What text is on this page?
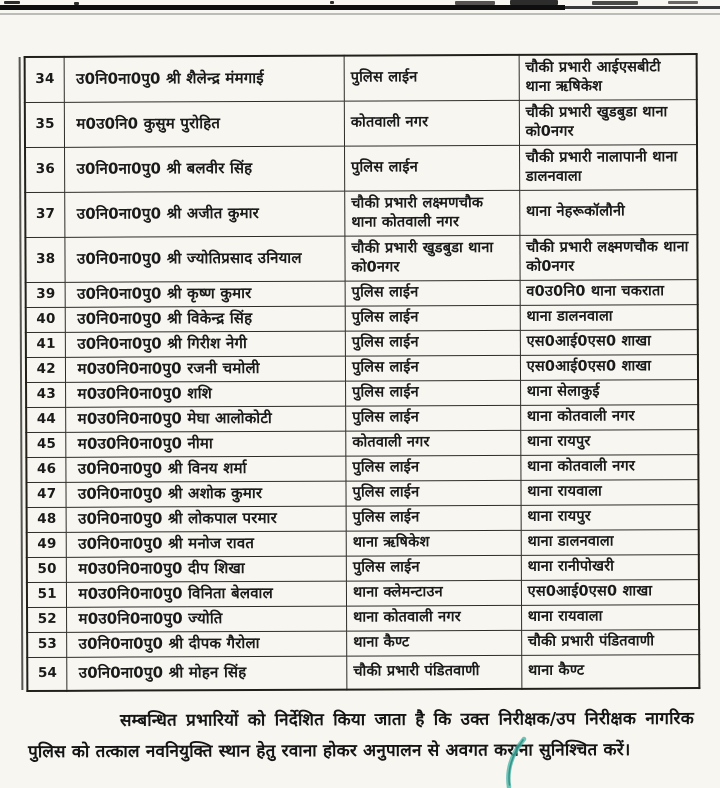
34	उ0नि0ना0पु0 श्री शैलेन्द्र मंमगाई	पुलिस लाईन	चौकी प्रभारी आईएसबीटी थाना ऋषिकेश
35	म0उ0नि0 कुसुम पुरोहित	कोतवाली नगर	चौकी प्रभारी खुडबुडा थाना को0नगर
36	उ0नि0ना0पु0 श्री बलवीर सिंह	पुलिस लाईन	चौकी प्रभारी नालापानी थाना डालनवाला
37	उ0नि0ना0पु0 श्री अजीत कुमार	चौकी प्रभारी लक्ष्मणचौक थाना कोतवाली नगर	थाना नेहरूकॉलौनी
38	उ0नि0ना0पु0 श्री ज्योतिप्रसाद उनियाल	चौकी प्रभारी खुडबुडा थाना को0नगर	चौकी प्रभारी लक्ष्मणचौक थाना को0नगर
39	उ0नि0ना0पु0 श्री कृष्ण कुमार	पुलिस लाईन	व0उ0नि0 थाना चकराता
40	उ0नि0ना0पु0 श्री विकेन्द्र सिंह	पुलिस लाईन	थाना डालनवाला
41	उ0नि0ना0पु0 श्री गिरीश नेगी	पुलिस लाईन	एस0आई0एस0 शाखा
42	म0उ0नि0ना0पु0 रजनी चमोली	पुलिस लाईन	एस0आई0एस0 शाखा
43	म0उ0नि0ना0पु0 शशि	पुलिस लाईन	थाना सेलाकुई
44	म0उ0नि0ना0पु0 मेघा आलोकोटी	पुलिस लाईन	थाना कोतवाली नगर
45	म0उ0नि0ना0पु0 नीमा	कोतवाली नगर	थाना रायपुर
46	उ0नि0ना0पु0 श्री विनय शर्मा	पुलिस लाईन	थाना कोतवाली नगर
47	उ0नि0ना0पु0 श्री अशोक कुमार	पुलिस लाईन	थाना रायवाला
48	उ0नि0ना0पु0 श्री लोकपाल परमार	पुलिस लाईन	थाना रायपुर
49	उ0नि0ना0पु0 श्री मनोज रावत	थाना ऋषिकेश	थाना डालनवाला
50	म0उ0नि0ना0पु0 दीप शिखा	पुलिस लाईन	थाना रानीपोखरी
51	म0उ0नि0ना0पु0 विनिता बेलवाल	थाना क्लेमन्टाउन	एस0आई0एस0 शाखा
52	म0उ0नि0ना0पु0 ज्योति	थाना कोतवाली नगर	थाना रायवाला
53	उ0नि0ना0पु0 श्री दीपक गैरोला	थाना कैण्ट	चौकी प्रभारी पंडितवाणी
54	उ0नि0ना0पु0 श्री मोहन सिंह	चौकी प्रभारी पंडितवाणी	थाना कैण्ट

सम्बन्धित प्रभारियों को निर्देशित किया जाता है कि उक्त निरीक्षक/उप निरीक्षक नागरिक पुलिस को तत्काल नवनियुक्ति स्थान हेतु रवाना होकर अनुपालन से अवगत कराना सुनिश्चित करें।
